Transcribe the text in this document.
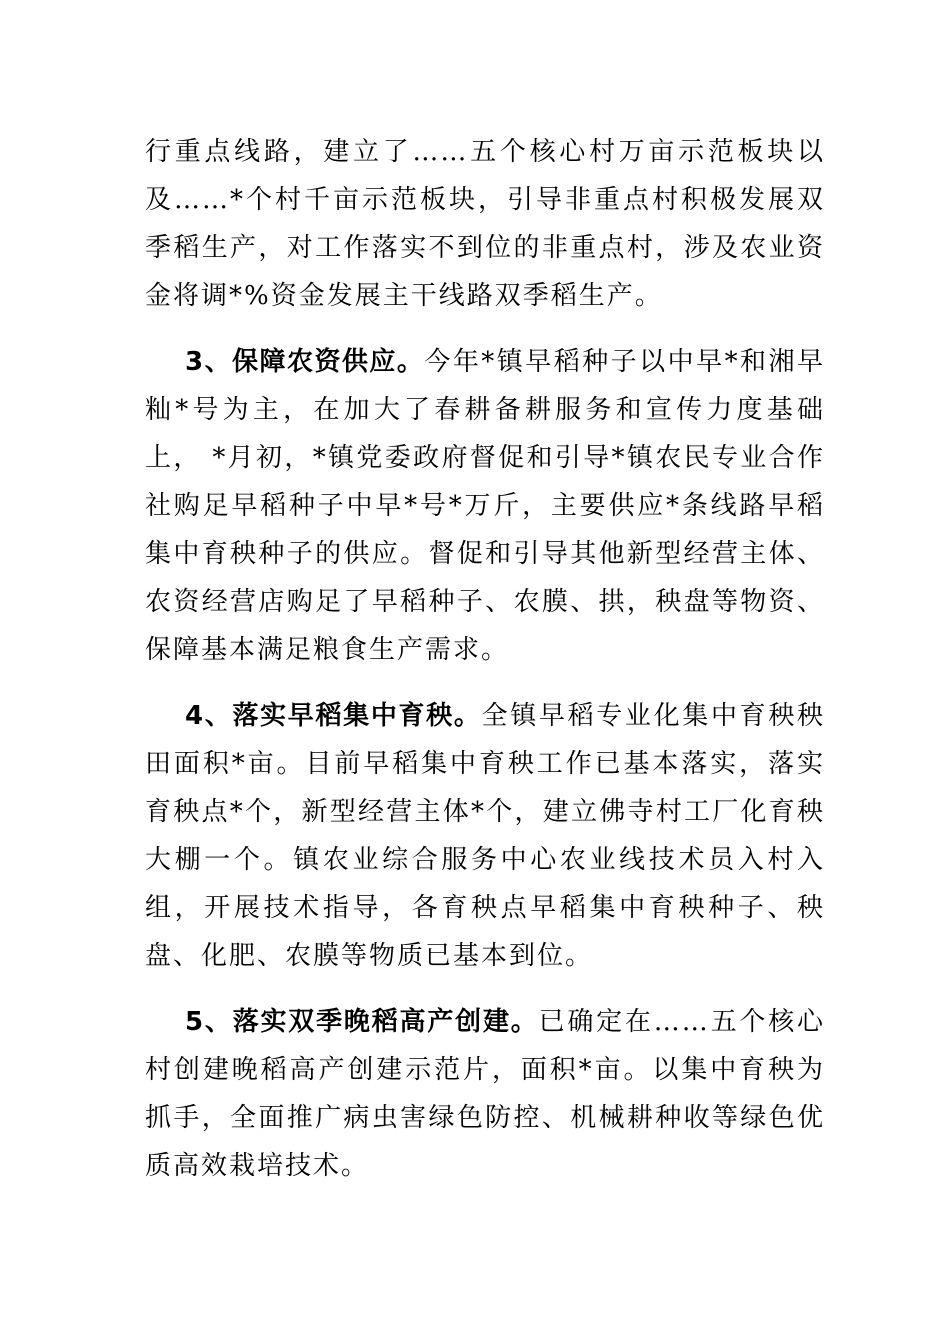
行重点线路，建立了……五个核心村万亩示范板块以及……*个村千亩示范板块，引导非重点村积极发展双季稻生产，对工作落实不到位的非重点村，涉及农业资金将调*%资金发展主干线路双季稻生产。

3、保障农资供应。今年*镇早稻种子以中早*和湘早籼*号为主，在加大了春耕备耕服务和宣传力度基础上， *月初，*镇党委政府督促和引导*镇农民专业合作社购足早稻种子中早*号*万斤，主要供应*条线路早稻集中育秧种子的供应。督促和引导其他新型经营主体、农资经营店购足了早稻种子、农膜、拱，秧盘等物资、保障基本满足粮食生产需求。

4、落实早稻集中育秧。全镇早稻专业化集中育秧秧田面积*亩。目前早稻集中育秧工作已基本落实，落实育秧点*个，新型经营主体*个，建立佛寺村工厂化育秧大棚一个。镇农业综合服务中心农业线技术员入村入组，开展技术指导，各育秧点早稻集中育秧种子、秧盘、化肥、农膜等物质已基本到位。

5、落实双季晚稻高产创建。已确定在……五个核心村创建晚稻高产创建示范片，面积*亩。以集中育秧为抓手，全面推广病虫害绿色防控、机械耕种收等绿色优质高效栽培技术。
